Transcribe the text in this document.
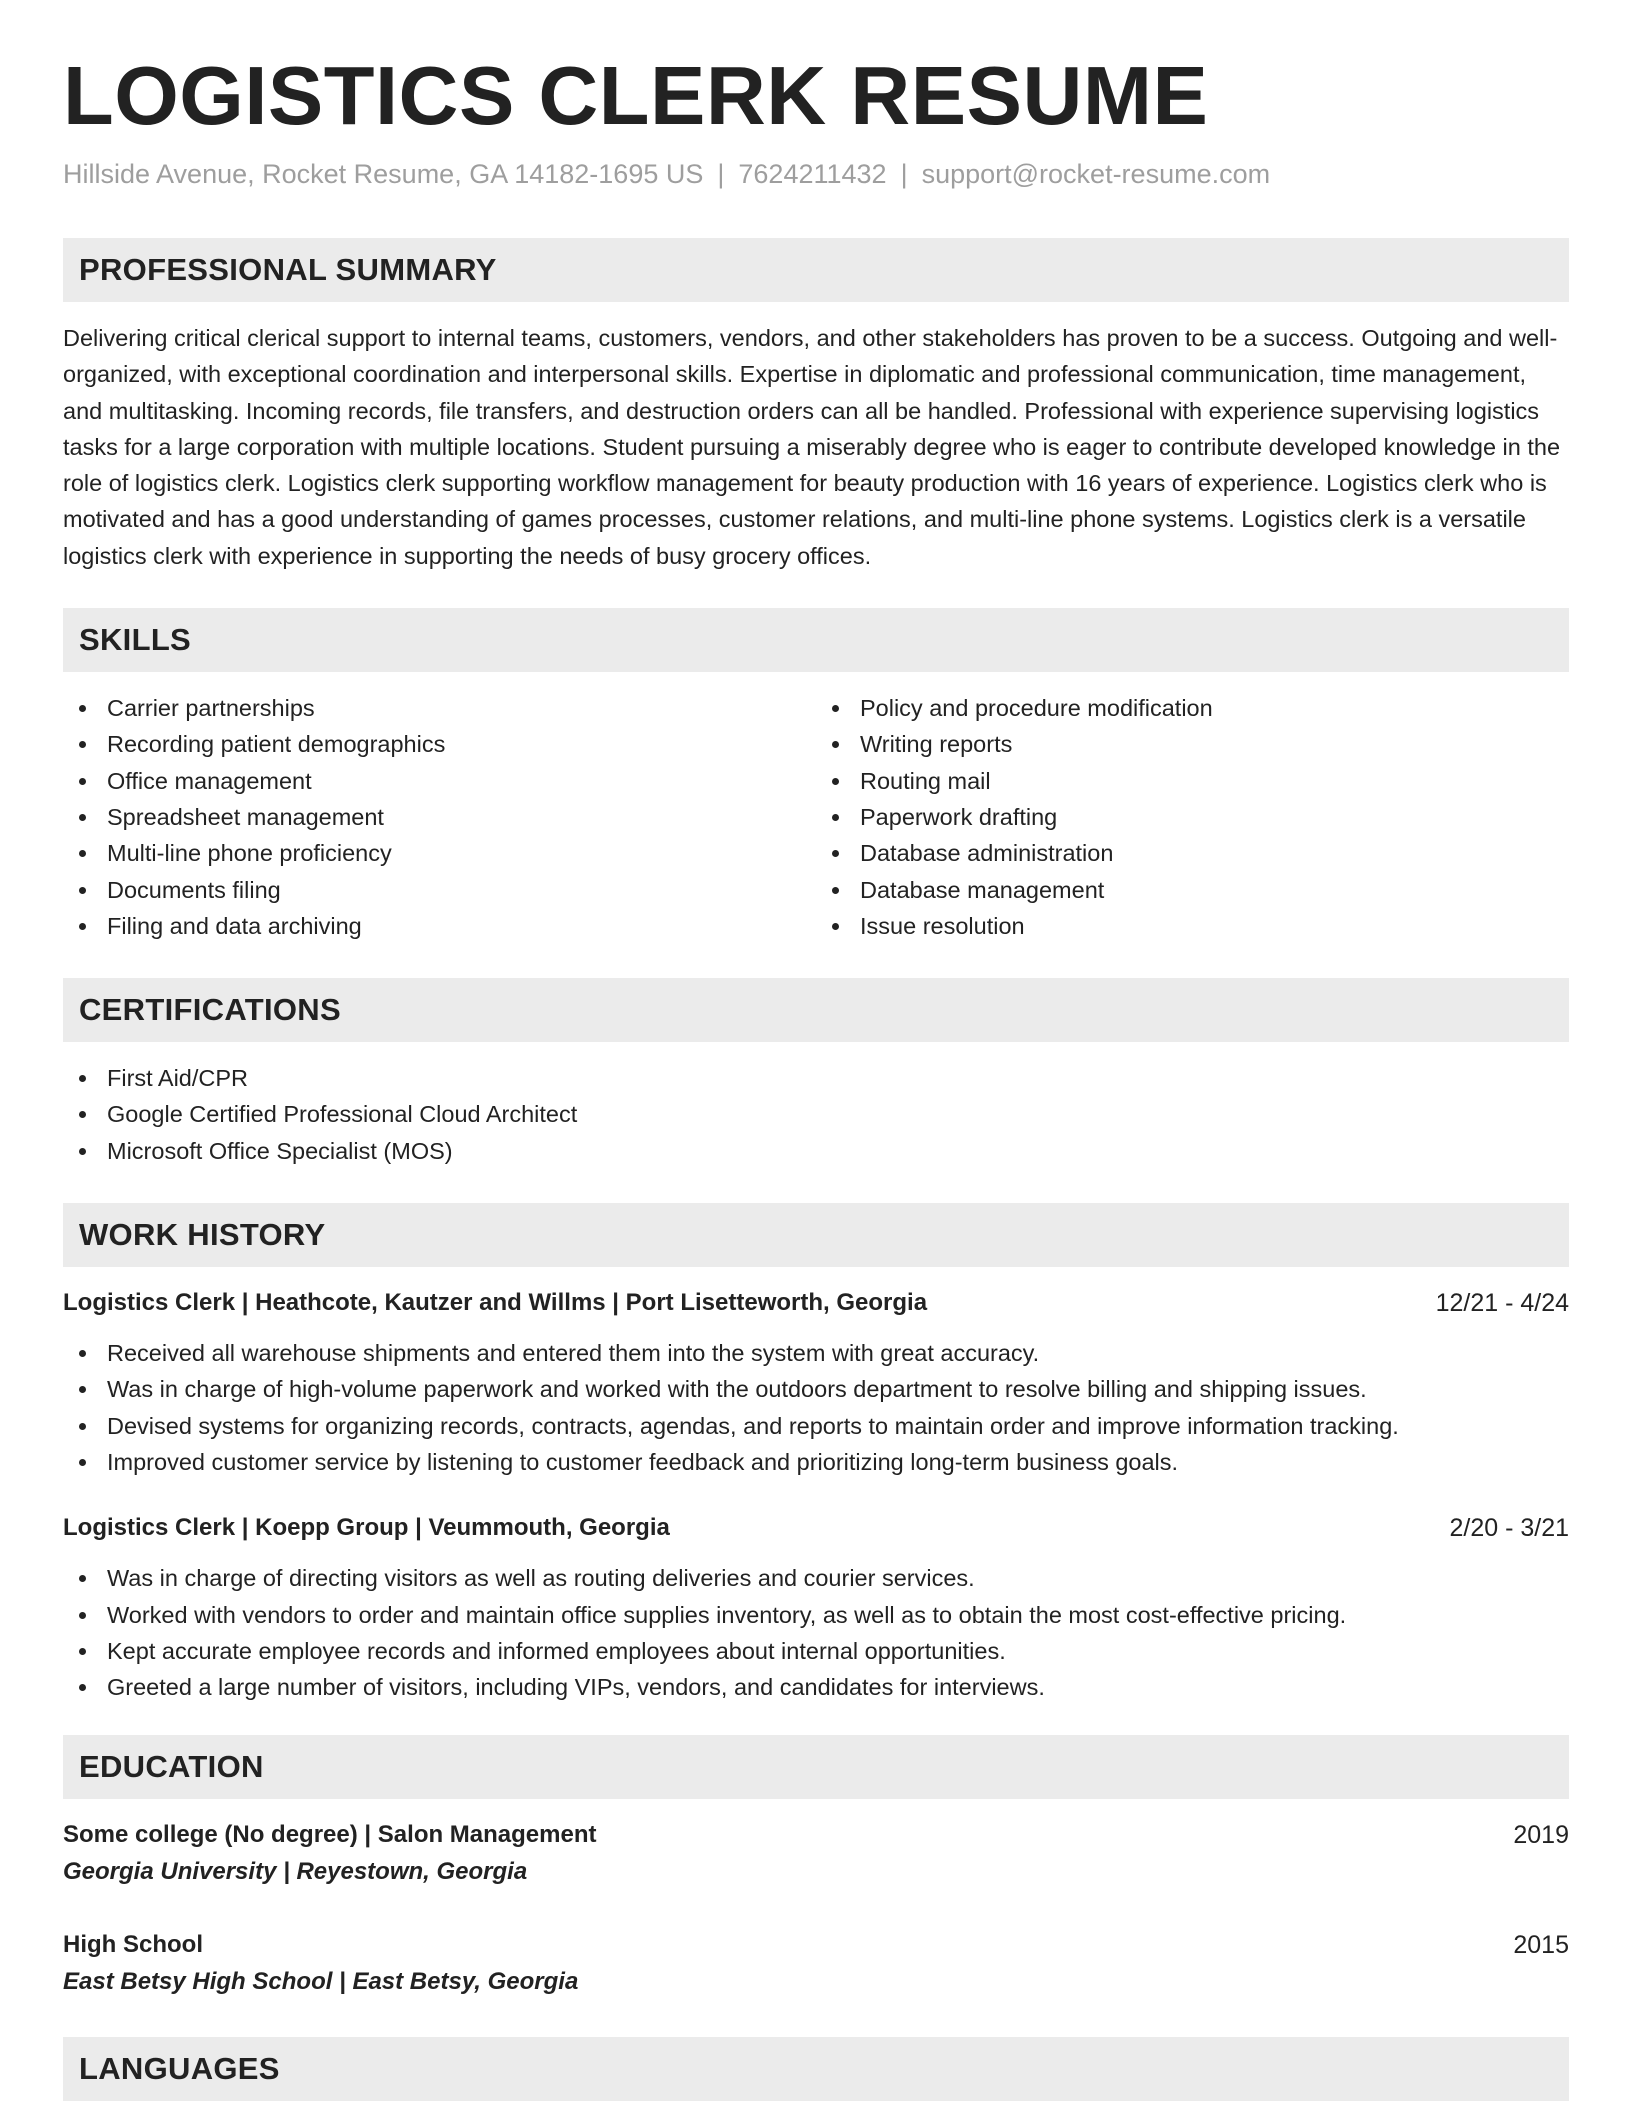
LOGISTICS CLERK RESUME
Hillside Avenue, Rocket Resume, GA 14182-1695 US | 7624211432 | support@rocket-resume.com
PROFESSIONAL SUMMARY

Delivering critical clerical support to internal teams, customers, vendors, and other stakeholders has proven to be a success. Outgoing and well-organized, with exceptional coordination and interpersonal skills. Expertise in diplomatic and professional communication, time management, and multitasking. Incoming records, file transfers, and destruction orders can all be handled. Professional with experience supervising logistics tasks for a large corporation with multiple locations. Student pursuing a miserably degree who is eager to contribute developed knowledge in the role of logistics clerk. Logistics clerk supporting workflow management for beauty production with 16 years of experience. Logistics clerk who is motivated and has a good understanding of games processes, customer relations, and multi-line phone systems. Logistics clerk is a versatile logistics clerk with experience in supporting the needs of busy grocery offices.

SKILLS
Carrier partnerships
Recording patient demographics
Office management
Spreadsheet management
Multi-line phone proficiency
Documents filing
Filing and data archiving
Policy and procedure modification
Writing reports
Routing mail
Paperwork drafting
Database administration
Database management
Issue resolution
CERTIFICATIONS
First Aid/CPR
Google Certified Professional Cloud Architect
Microsoft Office Specialist (MOS)
WORK HISTORY
Logistics Clerk | Heathcote, Kautzer and Willms | Port Lisetteworth, Georgia	12/21 - 4/24
Received all warehouse shipments and entered them into the system with great accuracy.
Was in charge of high-volume paperwork and worked with the outdoors department to resolve billing and shipping issues.
Devised systems for organizing records, contracts, agendas, and reports to maintain order and improve information tracking.
Improved customer service by listening to customer feedback and prioritizing long-term business goals.
Logistics Clerk | Koepp Group | Veummouth, Georgia	2/20 - 3/21
Was in charge of directing visitors as well as routing deliveries and courier services.
Worked with vendors to order and maintain office supplies inventory, as well as to obtain the most cost-effective pricing.
Kept accurate employee records and informed employees about internal opportunities.
Greeted a large number of visitors, including VIPs, vendors, and candidates for interviews.
EDUCATION
Some college (No degree) | Salon Management	2019
Georgia University | Reyestown, Georgia
High School	2015
East Betsy High School | East Betsy, Georgia
LANGUAGES
